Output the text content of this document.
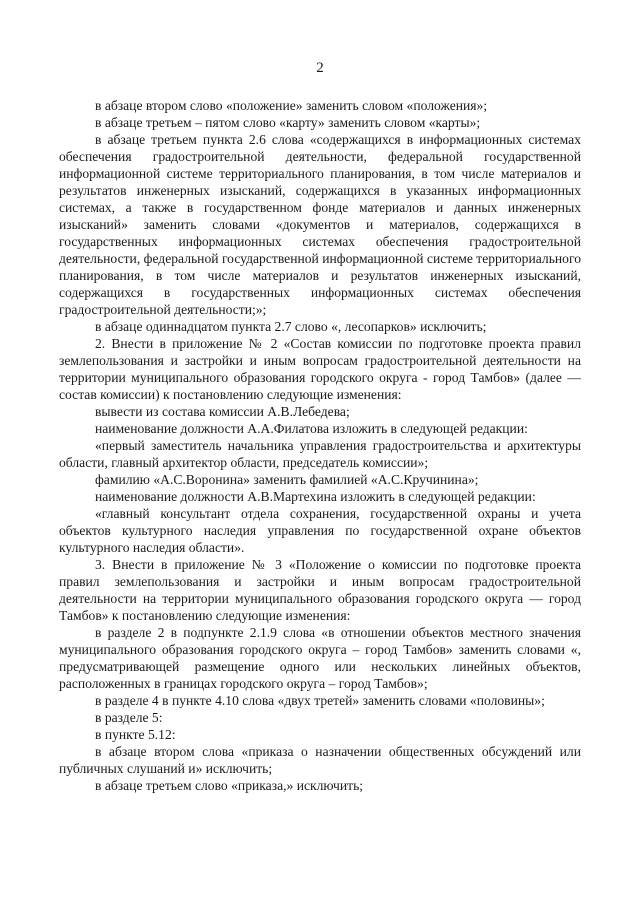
2

в абзаце втором слово «положение» заменить словом «положения»;

в абзаце третьем – пятом слово «карту» заменить словом «карты»;

в абзаце третьем пункта 2.6 слова «содержащихся в информационных системах обеспечения градостроительной деятельности, федеральной государственной информационной системе территориального планирования, в том числе материалов и результатов инженерных изысканий, содержащихся в указанных информационных системах, а также в государственном фонде материалов и данных инженерных изысканий» заменить словами «документов и материалов, содержащихся в государственных информационных системах обеспечения градостроительной деятельности, федеральной государственной информационной системе территориального планирования, в том числе материалов и результатов инженерных изысканий, содержащихся в государственных информационных системах обеспечения градостроительной деятельности;»;

в абзаце одиннадцатом пункта 2.7 слово «, лесопарков» исключить;

2. Внести в приложение № 2 «Состав комиссии по подготовке проекта правил землепользования и застройки и иным вопросам градостроительной деятельности на территории муниципального образования городского округа - город Тамбов» (далее — состав комиссии) к постановлению следующие изменения:

вывести из состава комиссии А.В.Лебедева;

наименование должности А.А.Филатова изложить в следующей редакции:

«первый заместитель начальника управления градостроительства и архитектуры области, главный архитектор области, председатель комиссии»;

фамилию «А.С.Воронина» заменить фамилией «А.С.Кручинина»;

наименование должности А.В.Мартехина изложить в следующей редакции:

«главный консультант отдела сохранения, государственной охраны и учета объектов культурного наследия управления по государственной охране объектов культурного наследия области».

3. Внести в приложение № 3 «Положение о комиссии по подготовке проекта правил землепользования и застройки и иным вопросам градостроительной деятельности на территории муниципального образования городского округа — город Тамбов» к постановлению следующие изменения:

в разделе 2 в подпункте 2.1.9 слова «в отношении объектов местного значения муниципального образования городского округа – город Тамбов» заменить словами «, предусматривающей размещение одного или нескольких линейных объектов, расположенных в границах городского округа – город Тамбов»;

в разделе 4 в пункте 4.10 слова «двух третей» заменить словами «половины»;

в разделе 5:

в пункте 5.12:

в абзаце втором слова «приказа о назначении общественных обсуждений или публичных слушаний и» исключить;

в абзаце третьем слово «приказа,» исключить;
